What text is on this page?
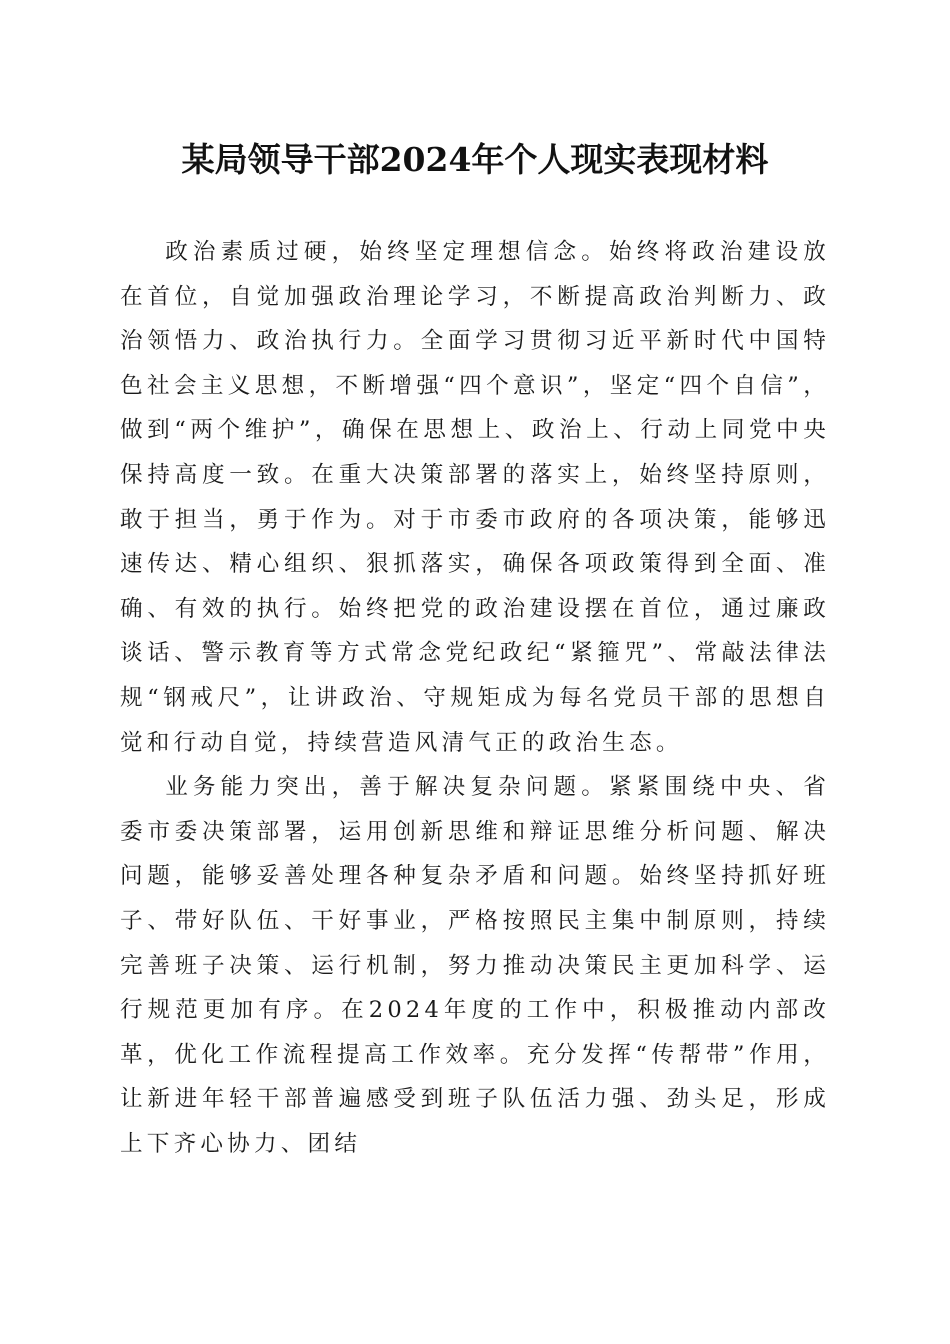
某局领导干部2024年个人现实表现材料

政治素质过硬，始终坚定理想信念。始终将政治建设放在首位，自觉加强政治理论学习，不断提高政治判断力、政治领悟力、政治执行力。全面学习贯彻习近平新时代中国特色社会主义思想，不断增强“四个意识”，坚定“四个自信”，做到“两个维护”，确保在思想上、政治上、行动上同党中央保持高度一致。在重大决策部署的落实上，始终坚持原则，敢于担当，勇于作为。对于市委市政府的各项决策，能够迅速传达、精心组织、狠抓落实，确保各项政策得到全面、准确、有效的执行。始终把党的政治建设摆在首位，通过廉政谈话、警示教育等方式常念党纪政纪“紧箍咒”、常敲法律法规“钢戒尺”，让讲政治、守规矩成为每名党员干部的思想自觉和行动自觉，持续营造风清气正的政治生态。

业务能力突出，善于解决复杂问题。紧紧围绕中央、省委市委决策部署，运用创新思维和辩证思维分析问题、解决问题，能够妥善处理各种复杂矛盾和问题。始终坚持抓好班子、带好队伍、干好事业，严格按照民主集中制原则，持续完善班子决策、运行机制，努力推动决策民主更加科学、运行规范更加有序。在2024年度的工作中，积极推动内部改革，优化工作流程提高工作效率。充分发挥“传帮带”作用，让新进年轻干部普遍感受到班子队伍活力强、劲头足，形成上下齐心协力、团结
